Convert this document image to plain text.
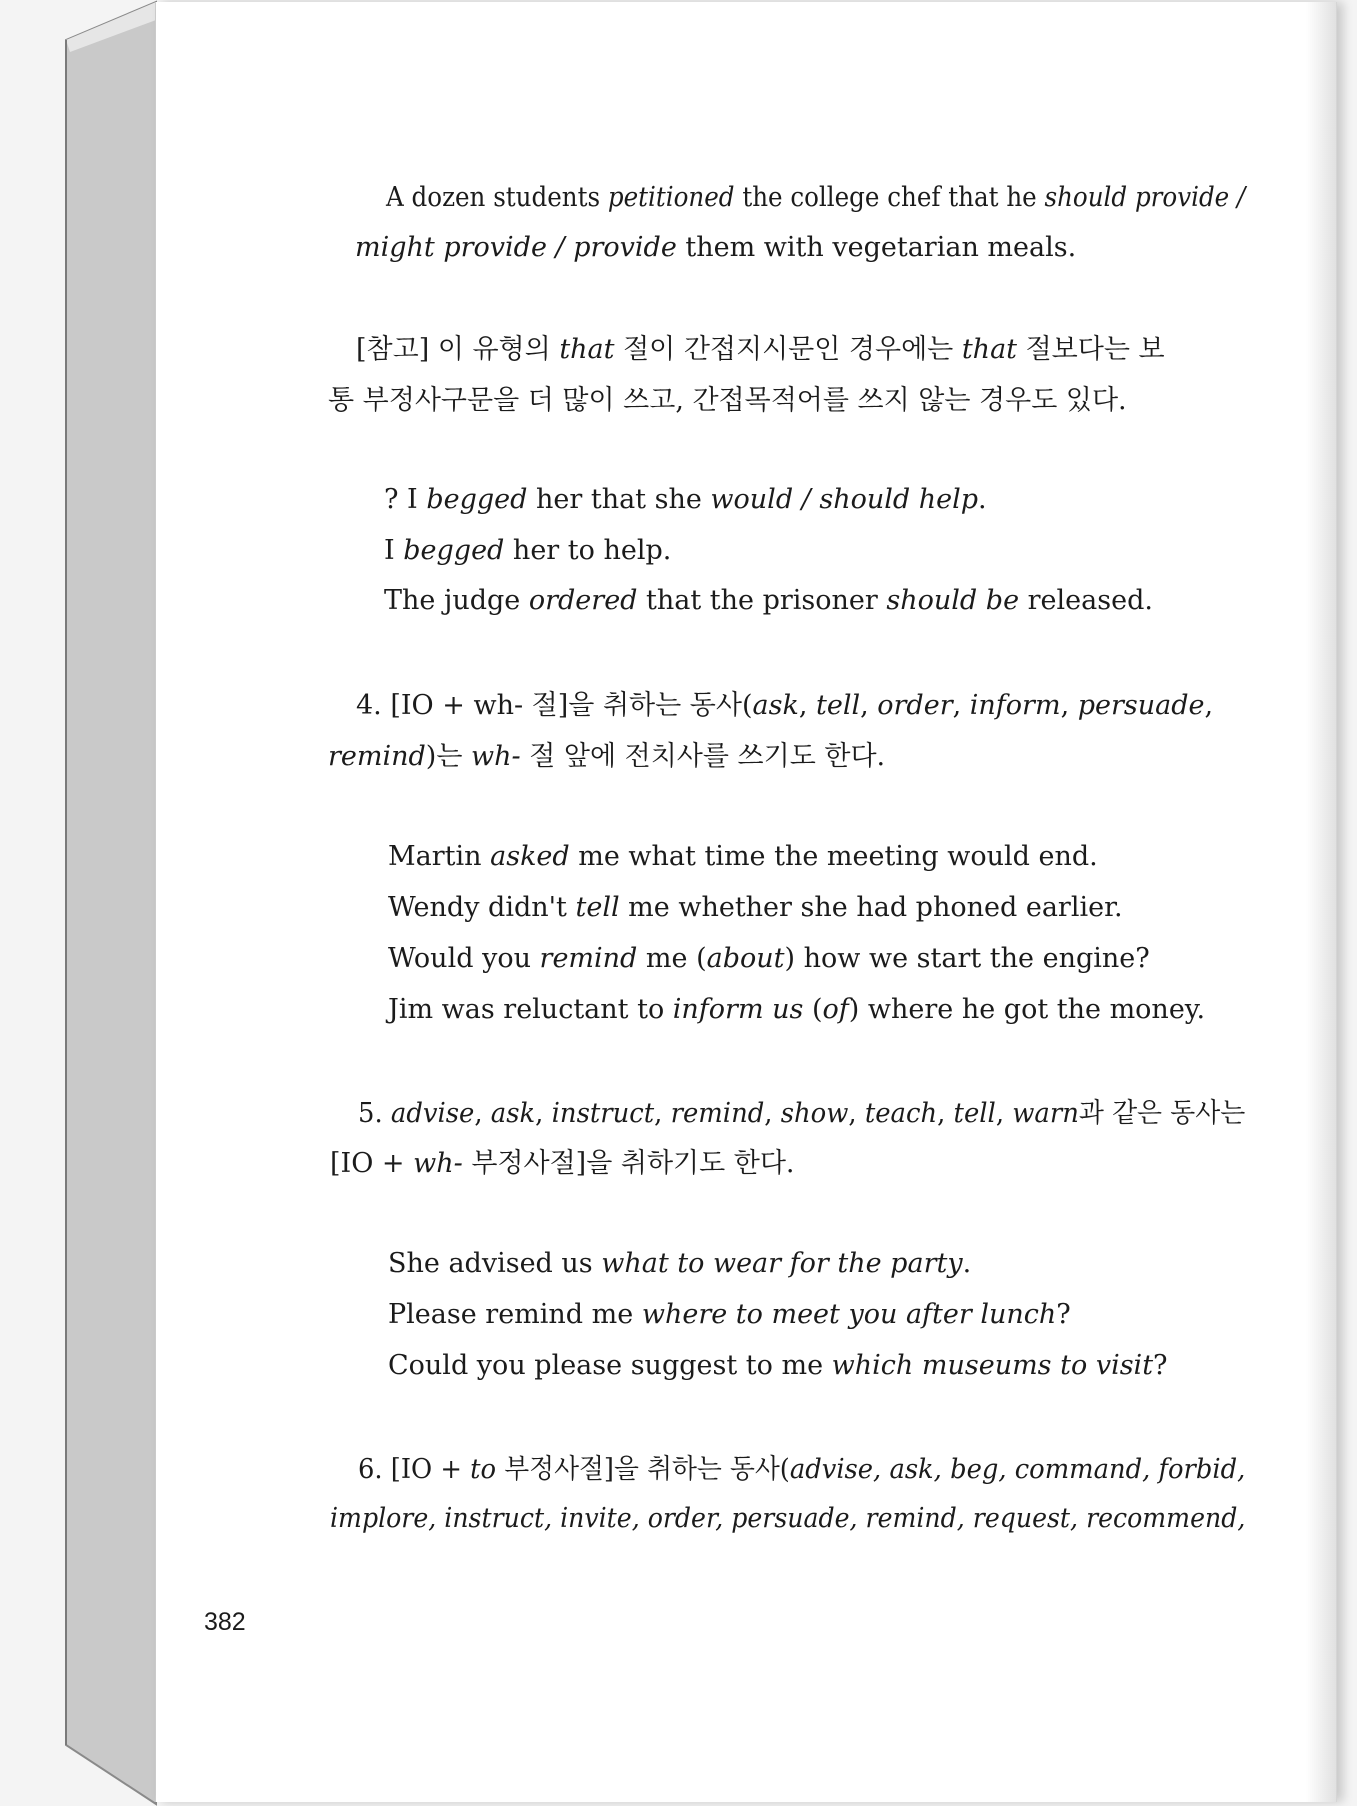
A dozen students petitioned the college chef that he should provide /
might provide / provide them with vegetarian meals.
[참고] 이 유형의 that 절이 간접지시문인 경우에는 that 절보다는 보
통 부정사구문을 더 많이 쓰고, 간접목적어를 쓰지 않는 경우도 있다.
? I begged her that she would / should help.
I begged her to help.
The judge ordered that the prisoner should be released.
4. [IO + wh- 절]을 취하는 동사(ask, tell, order, inform, persuade,
remind)는 wh- 절 앞에 전치사를 쓰기도 한다.
Martin asked me what time the meeting would end.
Wendy didn't tell me whether she had phoned earlier.
Would you remind me (about) how we start the engine?
Jim was reluctant to inform us (of) where he got the money.
5. advise, ask, instruct, remind, show, teach, tell, warn과 같은 동사는
[IO + wh- 부정사절]을 취하기도 한다.
She advised us what to wear for the party.
Please remind me where to meet you after lunch?
Could you please suggest to me which museums to visit?
6. [IO + to 부정사절]을 취하는 동사(advise, ask, beg, command, forbid,
implore, instruct, invite, order, persuade, remind, request, recommend,
382
